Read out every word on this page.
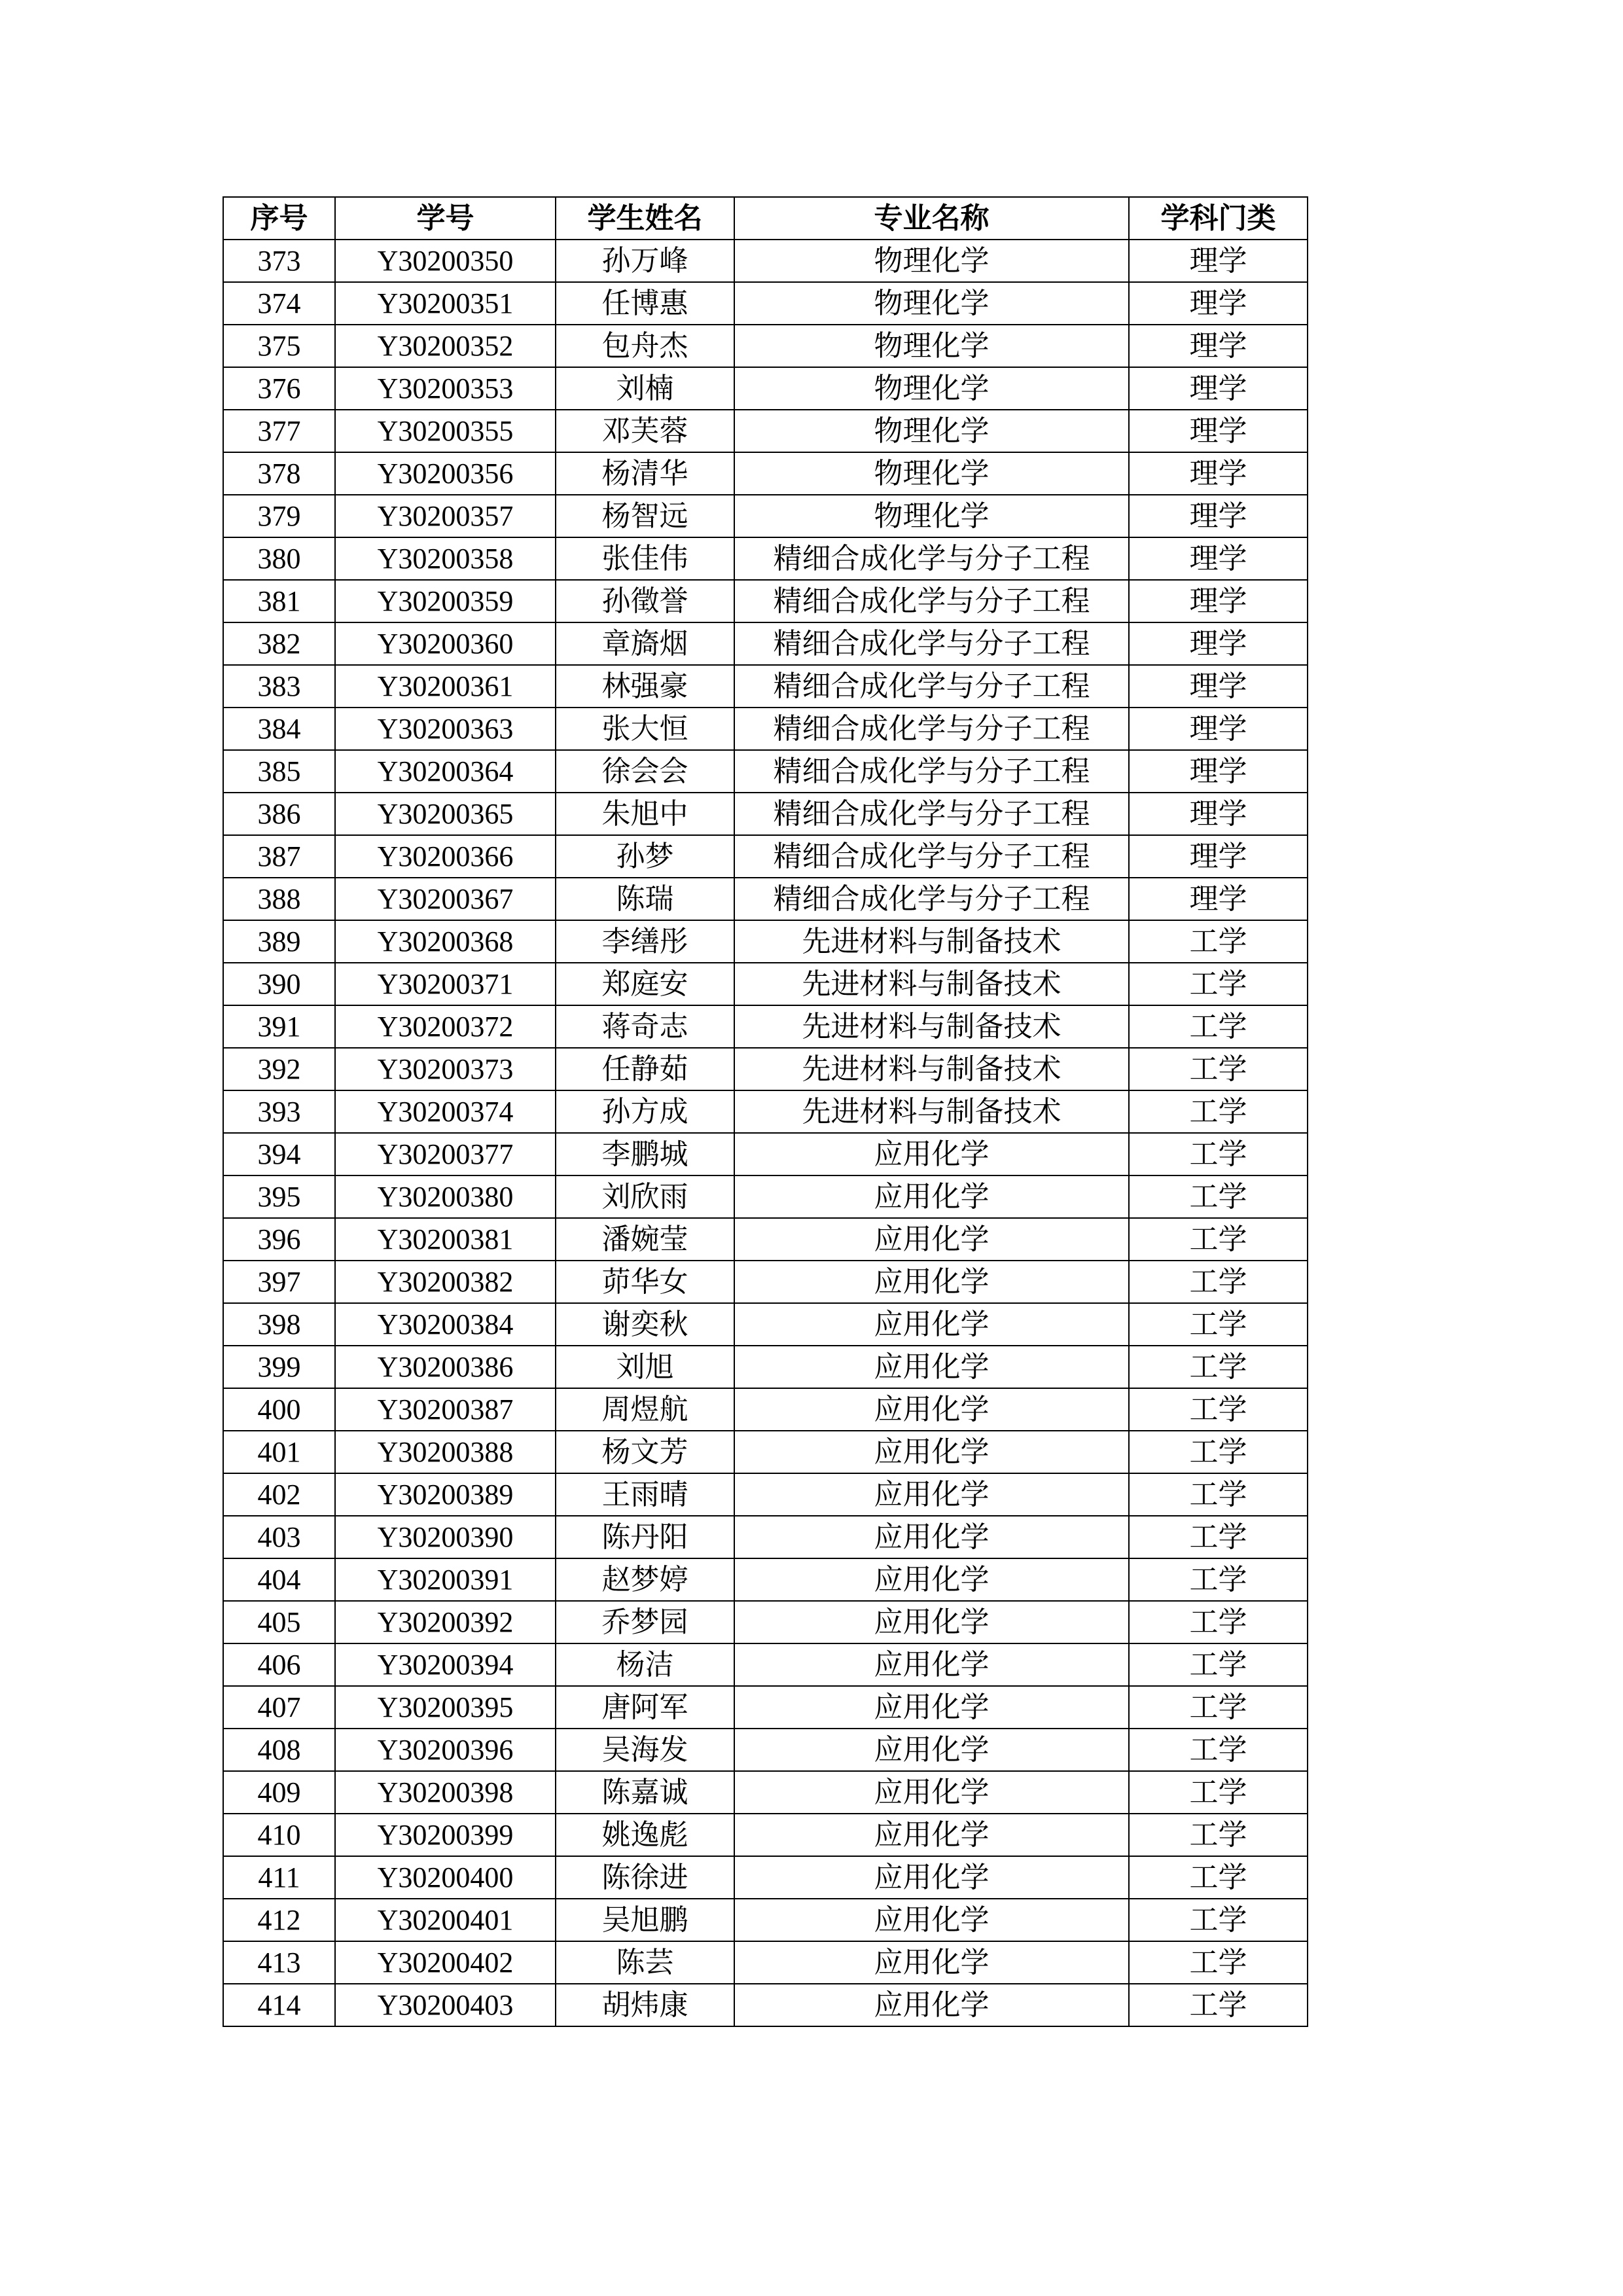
序号	学号	学生姓名	专业名称	学科门类
373	Y30200350	孙万峰	物理化学	理学
374	Y30200351	任博惠	物理化学	理学
375	Y30200352	包舟杰	物理化学	理学
376	Y30200353	刘楠	物理化学	理学
377	Y30200355	邓芙蓉	物理化学	理学
378	Y30200356	杨清华	物理化学	理学
379	Y30200357	杨智远	物理化学	理学
380	Y30200358	张佳伟	精细合成化学与分子工程	理学
381	Y30200359	孙徵誉	精细合成化学与分子工程	理学
382	Y30200360	章旖烟	精细合成化学与分子工程	理学
383	Y30200361	林强豪	精细合成化学与分子工程	理学
384	Y30200363	张大恒	精细合成化学与分子工程	理学
385	Y30200364	徐会会	精细合成化学与分子工程	理学
386	Y30200365	朱旭中	精细合成化学与分子工程	理学
387	Y30200366	孙梦	精细合成化学与分子工程	理学
388	Y30200367	陈瑞	精细合成化学与分子工程	理学
389	Y30200368	李缮彤	先进材料与制备技术	工学
390	Y30200371	郑庭安	先进材料与制备技术	工学
391	Y30200372	蒋奇志	先进材料与制备技术	工学
392	Y30200373	任静茹	先进材料与制备技术	工学
393	Y30200374	孙方成	先进材料与制备技术	工学
394	Y30200377	李鹏城	应用化学	工学
395	Y30200380	刘欣雨	应用化学	工学
396	Y30200381	潘婉莹	应用化学	工学
397	Y30200382	茆华女	应用化学	工学
398	Y30200384	谢奕秋	应用化学	工学
399	Y30200386	刘旭	应用化学	工学
400	Y30200387	周煜航	应用化学	工学
401	Y30200388	杨文芳	应用化学	工学
402	Y30200389	王雨晴	应用化学	工学
403	Y30200390	陈丹阳	应用化学	工学
404	Y30200391	赵梦婷	应用化学	工学
405	Y30200392	乔梦园	应用化学	工学
406	Y30200394	杨洁	应用化学	工学
407	Y30200395	唐阿军	应用化学	工学
408	Y30200396	吴海发	应用化学	工学
409	Y30200398	陈嘉诚	应用化学	工学
410	Y30200399	姚逸彪	应用化学	工学
411	Y30200400	陈徐进	应用化学	工学
412	Y30200401	吴旭鹏	应用化学	工学
413	Y30200402	陈芸	应用化学	工学
414	Y30200403	胡炜康	应用化学	工学
